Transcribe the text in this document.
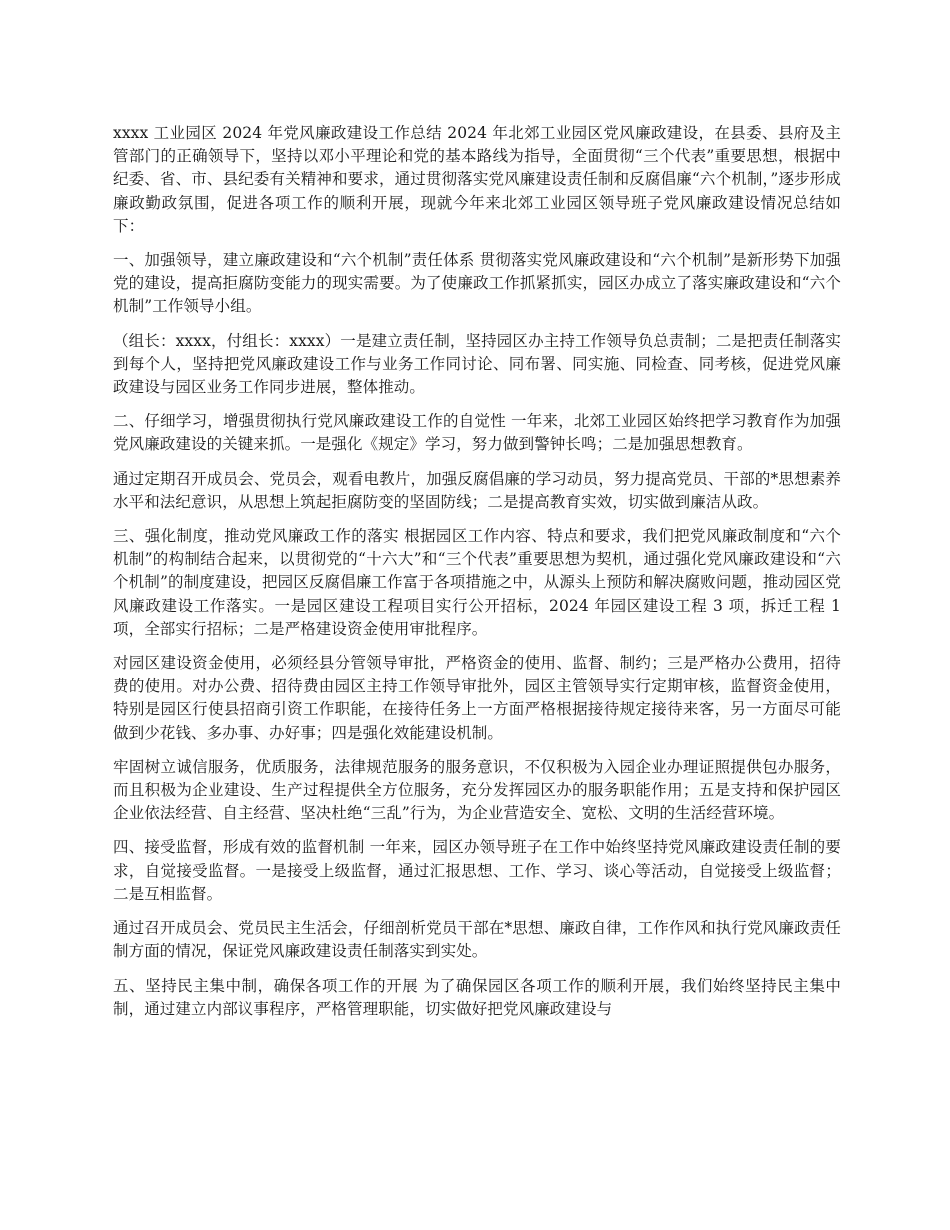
xxxx 工业园区 2024 年党风廉政建设工作总结 2024 年北郊工业园区党风廉政建设，在县委、县府及主管部门的正确领导下，坚持以邓小平理论和党的基本路线为指导，全面贯彻“三个代表”重要思想，根据中纪委、省、市、县纪委有关精神和要求，通过贯彻落实党风廉建设责任制和反腐倡廉“六个机制，”逐步形成廉政勤政氛围，促进各项工作的顺利开展，现就今年来北郊工业园区领导班子党风廉政建设情况总结如下：

一、加强领导，建立廉政建设和“六个机制”责任体系 贯彻落实党风廉政建设和“六个机制”是新形势下加强党的建设，提高拒腐防变能力的现实需要。为了使廉政工作抓紧抓实，园区办成立了落实廉政建设和“六个机制”工作领导小组。

（组长：xxxx，付组长：xxxx）一是建立责任制，坚持园区办主持工作领导负总责制；二是把责任制落实到每个人，坚持把党风廉政建设工作与业务工作同讨论、同布署、同实施、同检查、同考核，促进党风廉政建设与园区业务工作同步进展，整体推动。

二、仔细学习，增强贯彻执行党风廉政建设工作的自觉性 一年来，北郊工业园区始终把学习教育作为加强党风廉政建设的关键来抓。一是强化《规定》学习，努力做到警钟长鸣；二是加强思想教育。

通过定期召开成员会、党员会，观看电教片，加强反腐倡廉的学习动员，努力提高党员、干部的*思想素养水平和法纪意识，从思想上筑起拒腐防变的坚固防线；二是提高教育实效，切实做到廉洁从政。

三、强化制度，推动党风廉政工作的落实 根据园区工作内容、特点和要求，我们把党风廉政制度和“六个机制”的构制结合起来，以贯彻党的“十六大”和“三个代表”重要思想为契机，通过强化党风廉政建设和“六个机制”的制度建设，把园区反腐倡廉工作富于各项措施之中，从源头上预防和解决腐败问题，推动园区党风廉政建设工作落实。一是园区建设工程项目实行公开招标，2024 年园区建设工程 3 项，拆迁工程 1 项，全部实行招标；二是严格建设资金使用审批程序。

对园区建设资金使用，必须经县分管领导审批，严格资金的使用、监督、制约；三是严格办公费用，招待费的使用。对办公费、招待费由园区主持工作领导审批外，园区主管领导实行定期审核，监督资金使用，特别是园区行使县招商引资工作职能，在接待任务上一方面严格根据接待规定接待来客，另一方面尽可能做到少花钱、多办事、办好事；四是强化效能建设机制。

牢固树立诚信服务，优质服务，法律规范服务的服务意识，不仅积极为入园企业办理证照提供包办服务，而且积极为企业建设、生产过程提供全方位服务，充分发挥园区办的服务职能作用；五是支持和保护园区企业依法经营、自主经营、坚决杜绝“三乱”行为，为企业营造安全、宽松、文明的生活经营环境。

四、接受监督，形成有效的监督机制 一年来，园区办领导班子在工作中始终坚持党风廉政建设责任制的要求，自觉接受监督。一是接受上级监督，通过汇报思想、工作、学习、谈心等活动，自觉接受上级监督；二是互相监督。

通过召开成员会、党员民主生活会，仔细剖析党员干部在*思想、廉政自律，工作作风和执行党风廉政责任制方面的情况，保证党风廉政建设责任制落实到实处。

五、坚持民主集中制，确保各项工作的开展 为了确保园区各项工作的顺利开展，我们始终坚持民主集中制，通过建立内部议事程序，严格管理职能，切实做好把党风廉政建设与
